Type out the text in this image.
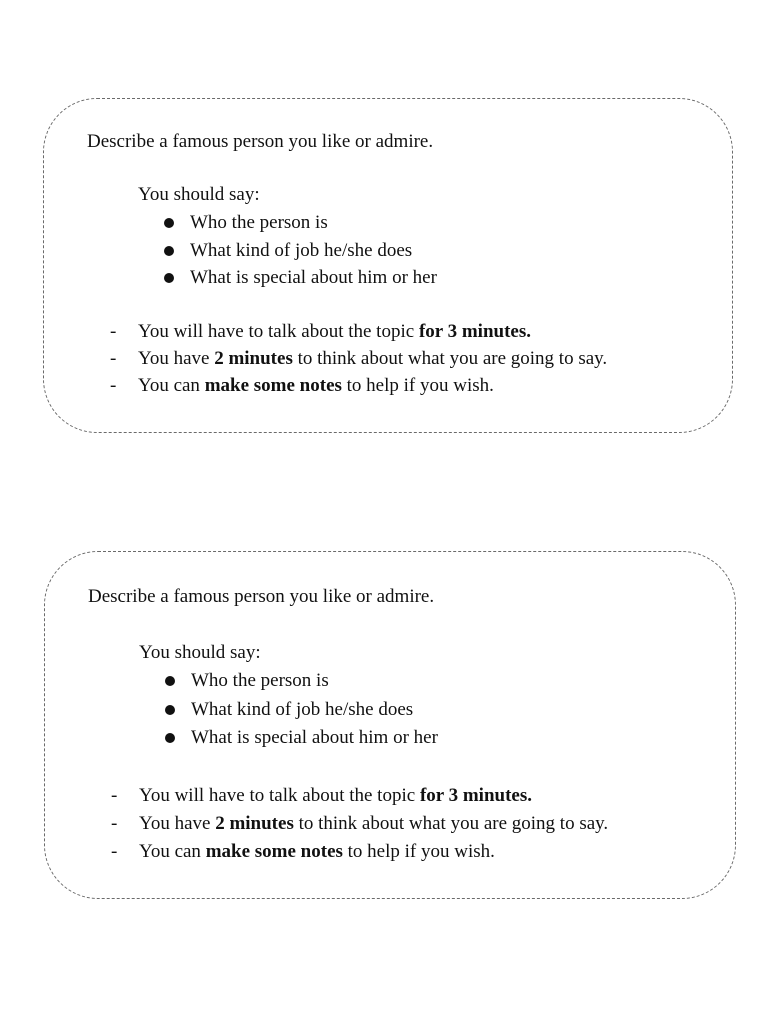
Describe a famous person you like or admire.
You should say:
Who the person is
What kind of job he/she does
What is special about him or her
- You will have to talk about the topic for 3 minutes.
- You have 2 minutes to think about what you are going to say.
- You can make some notes to help if you wish.
Describe a famous person you like or admire.
You should say:
Who the person is
What kind of job he/she does
What is special about him or her
- You will have to talk about the topic for 3 minutes.
- You have 2 minutes to think about what you are going to say.
- You can make some notes to help if you wish.
